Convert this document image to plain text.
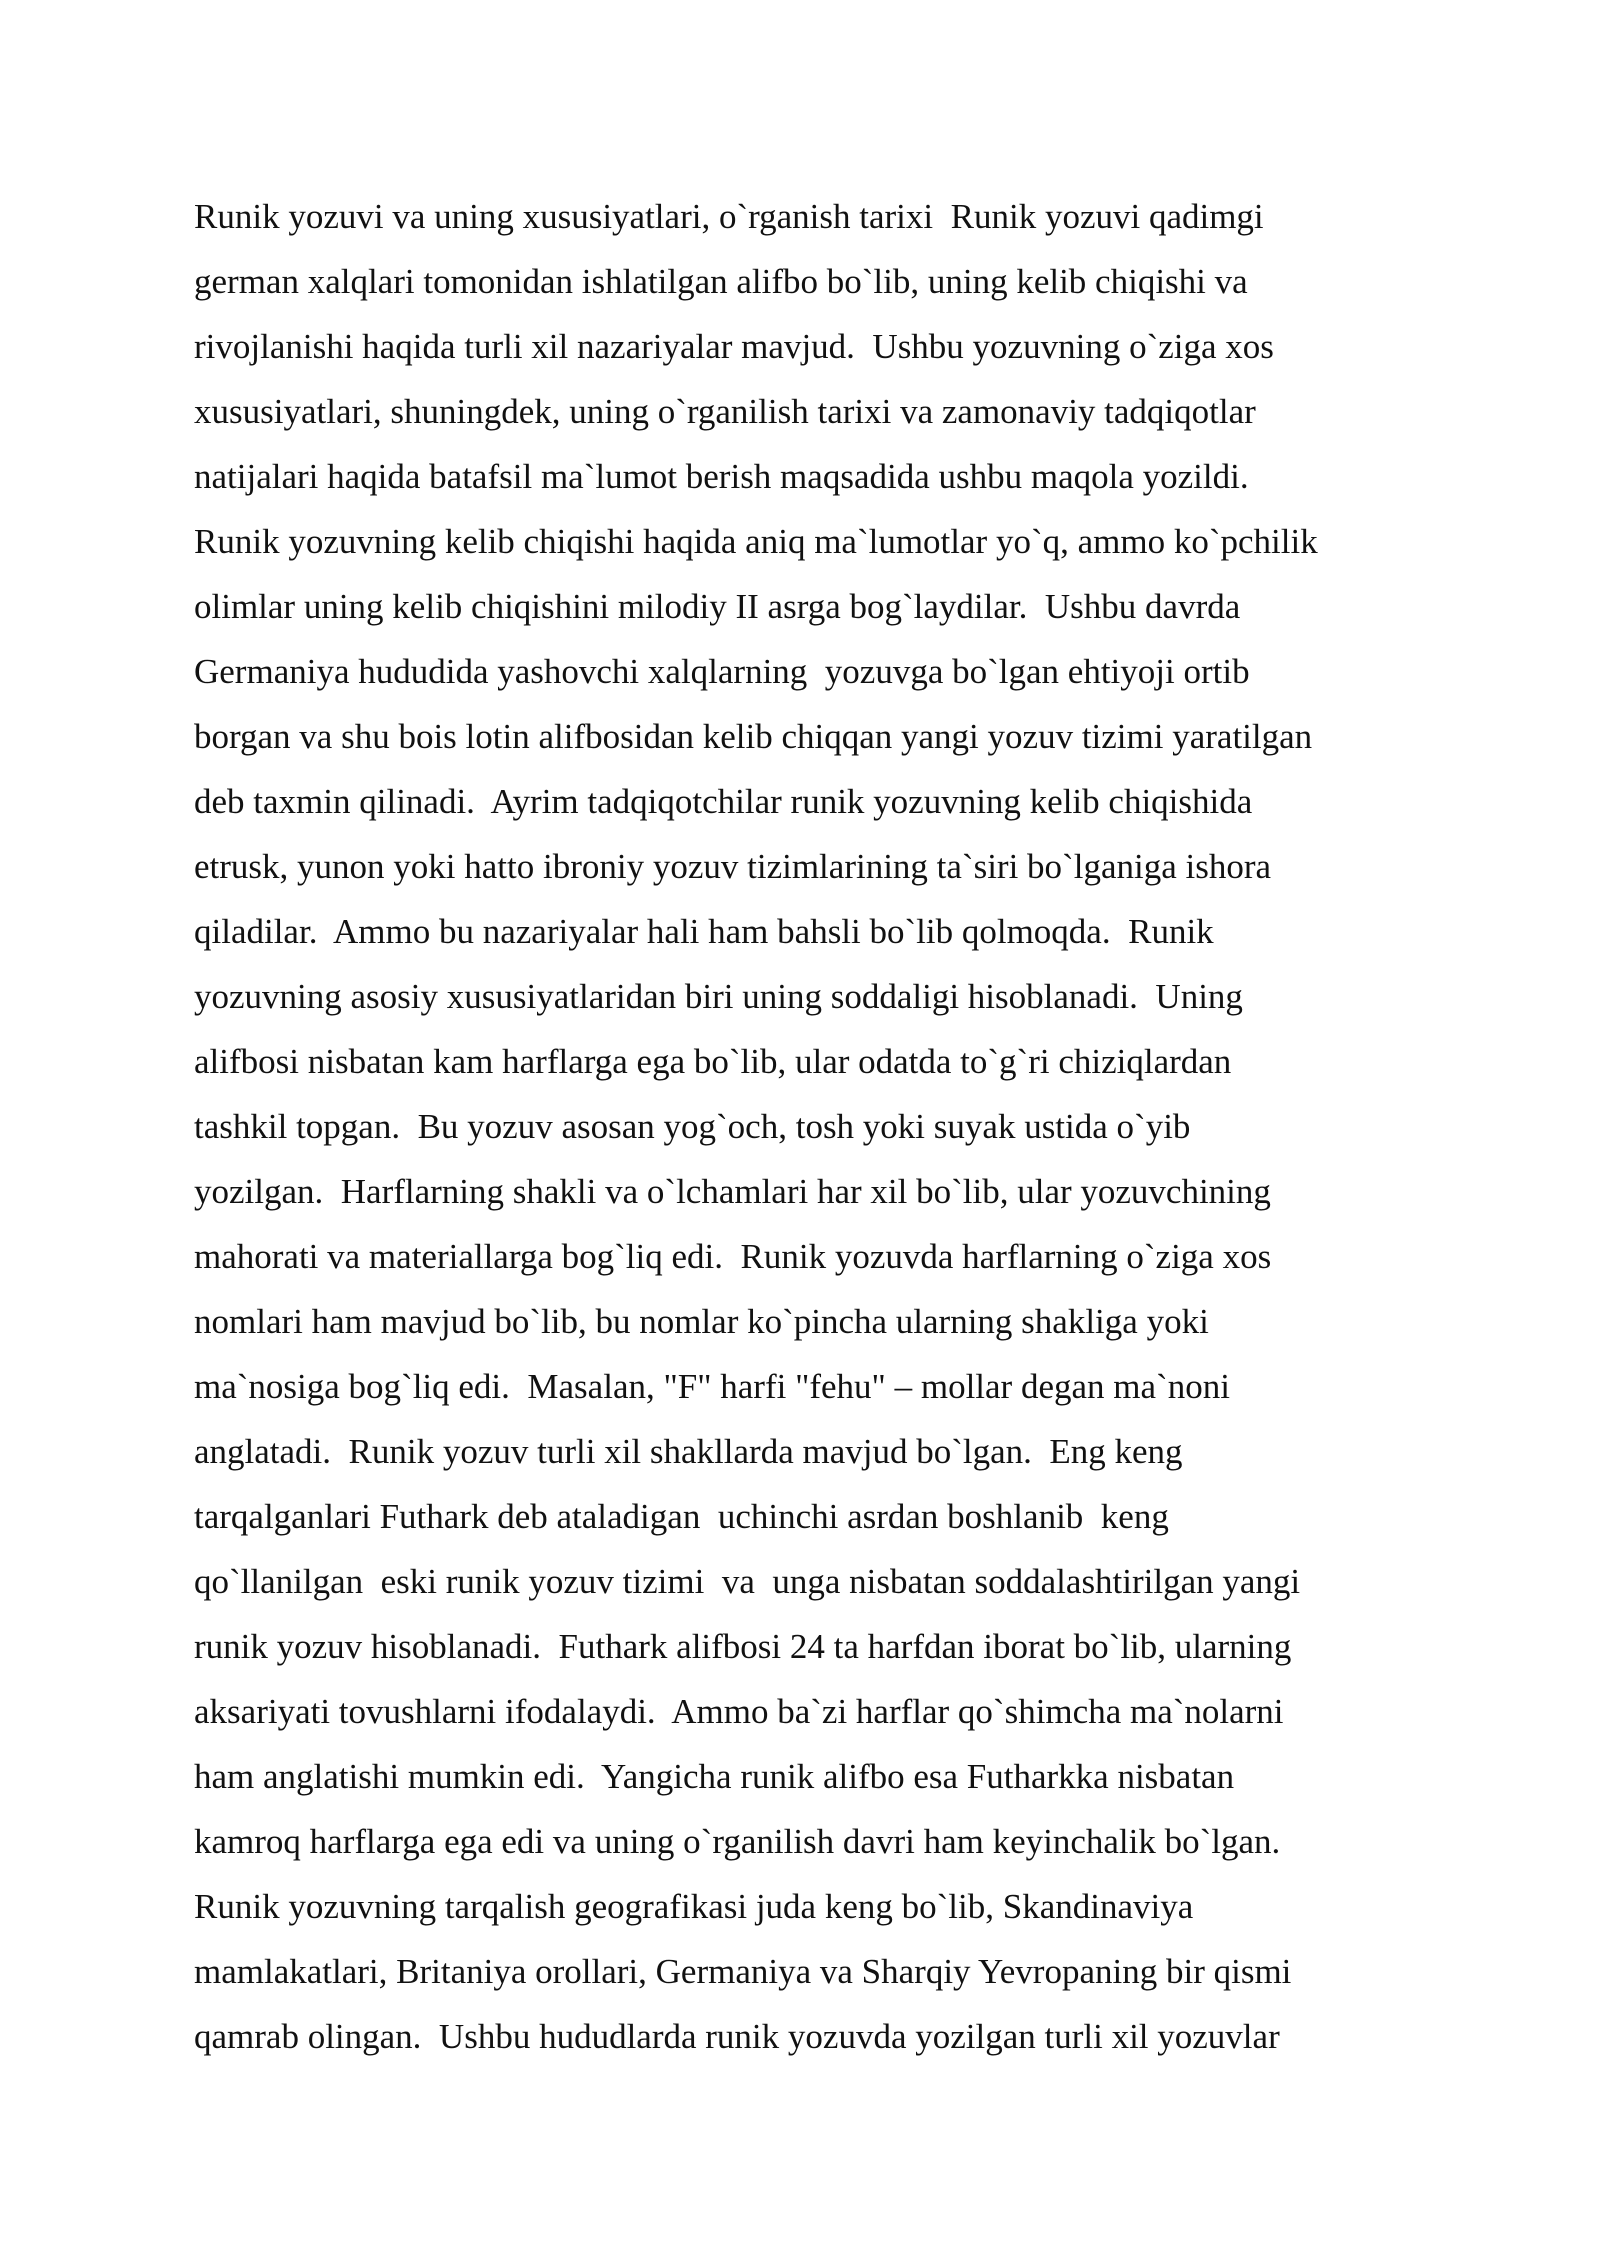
Runik yozuvi va uning xususiyatlari, o`rganish tarixi  Runik yozuvi qadimgi
german xalqlari tomonidan ishlatilgan alifbo bo`lib, uning kelib chiqishi va
rivojlanishi haqida turli xil nazariyalar mavjud.  Ushbu yozuvning o`ziga xos
xususiyatlari, shuningdek, uning o`rganilish tarixi va zamonaviy tadqiqotlar
natijalari haqida batafsil ma`lumot berish maqsadida ushbu maqola yozildi.
Runik yozuvning kelib chiqishi haqida aniq ma`lumotlar yo`q, ammo ko`pchilik
olimlar uning kelib chiqishini milodiy II asrga bog`laydilar.  Ushbu davrda
Germaniya hududida yashovchi xalqlarning  yozuvga bo`lgan ehtiyoji ortib
borgan va shu bois lotin alifbosidan kelib chiqqan yangi yozuv tizimi yaratilgan
deb taxmin qilinadi.  Ayrim tadqiqotchilar runik yozuvning kelib chiqishida
etrusk, yunon yoki hatto ibroniy yozuv tizimlarining ta`siri bo`lganiga ishora
qiladilar.  Ammo bu nazariyalar hali ham bahsli bo`lib qolmoqda.  Runik
yozuvning asosiy xususiyatlaridan biri uning soddaligi hisoblanadi.  Uning
alifbosi nisbatan kam harflarga ega bo`lib, ular odatda to`g`ri chiziqlardan
tashkil topgan.  Bu yozuv asosan yog`och, tosh yoki suyak ustida o`yib
yozilgan.  Harflarning shakli va o`lchamlari har xil bo`lib, ular yozuvchining
mahorati va materiallarga bog`liq edi.  Runik yozuvda harflarning o`ziga xos
nomlari ham mavjud bo`lib, bu nomlar ko`pincha ularning shakliga yoki
ma`nosiga bog`liq edi.  Masalan, "F" harfi "fehu" – mollar degan ma`noni
anglatadi.  Runik yozuv turli xil shakllarda mavjud bo`lgan.  Eng keng
tarqalganlari Futhark deb ataladigan  uchinchi asrdan boshlanib  keng
qo`llanilgan  eski runik yozuv tizimi  va  unga nisbatan soddalashtirilgan yangi
runik yozuv hisoblanadi.  Futhark alifbosi 24 ta harfdan iborat bo`lib, ularning
aksariyati tovushlarni ifodalaydi.  Ammo ba`zi harflar qo`shimcha ma`nolarni
ham anglatishi mumkin edi.  Yangicha runik alifbo esa Futharkka nisbatan
kamroq harflarga ega edi va uning o`rganilish davri ham keyinchalik bo`lgan.
Runik yozuvning tarqalish geografikasi juda keng bo`lib, Skandinaviya
mamlakatlari, Britaniya orollari, Germaniya va Sharqiy Yevropaning bir qismi
qamrab olingan.  Ushbu hududlarda runik yozuvda yozilgan turli xil yozuvlar
